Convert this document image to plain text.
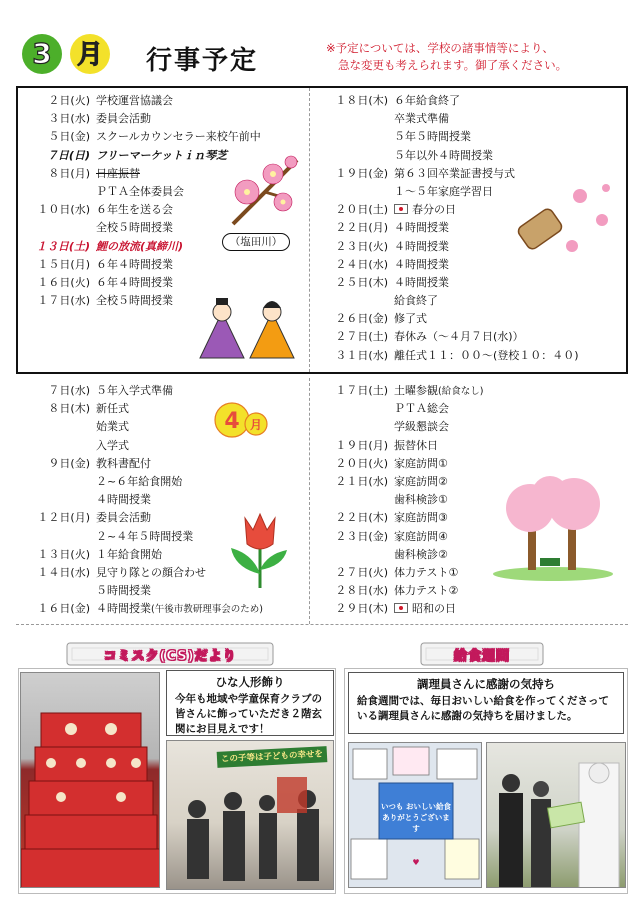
3 月 行事予定	※予定については、学校の諸事情等により、
急な変更も考えられます。御了承ください。
２日(火) 学校運営協議会
３日(水) 委員会活動
５日(金) スクールカウンセラー来校午前中
７日(日) フリーマーケットｉｎ琴芝
８日(月) 日座振替
ＰＴＡ全体委員会
１０日(水) ６年生を送る会
全校５時間授業
１３日(土) 鯉の放流(真締川)
１５日(月) ６年４時間授業
１６日(火) ６年４時間授業
１７日(水) 全校５時間授業
１８日(木) ６年給食終了
卒業式準備
５年５時間授業
５年以外４時間授業
１９日(金) 第６３回卒業証書授与式
１～５年家庭学習日
２０日(土) 春分の日
２２日(月) ４時間授業
２３日(火) ４時間授業
２４日(水) ４時間授業
２５日(木) ４時間授業
給食終了
２６日(金) 修了式
２７日(土) 春休み（～４月７日(水)）
３１日(水) 離任式１１：００～(登校１０：４０)
（塩田川）
4 月
７日(水) ５年入学式準備
８日(木) 新任式
始業式
入学式
９日(金) 教科書配付
２~６年給食開始
４時間授業
１２日(月) 委員会活動
２~４年５時間授業
１３日(火) １年給食開始
１４日(水) 見守り隊との顔合わせ
５時間授業
１６日(金) ４時間授業(午後市教研理事会のため)
１７日(土) 土曜参観(給食なし)
ＰＴＡ総会
学級懇談会
１９日(月) 振替休日
２０日(火) 家庭訪問①
２１日(水) 家庭訪問②
歯科検診①
２２日(木) 家庭訪問③
２３日(金) 家庭訪問④
歯科検診②
２７日(火) 体力テスト①
２８日(水) 体力テスト②
２９日(木) 昭和の日
コミスク(CS)だより
ひな人形飾り
今年も地域や学童保育クラブの皆さんに飾っていただき２階玄関にお目見えです！
この子等は子どもの幸せを
給食週間
調理員さんに感謝の気持ち
給食週間では、毎日おいしい給食を作ってくださっている調理員さんに感謝の気持ちを届けました。
♥
いつも おいしい給食
ありがとうございます
